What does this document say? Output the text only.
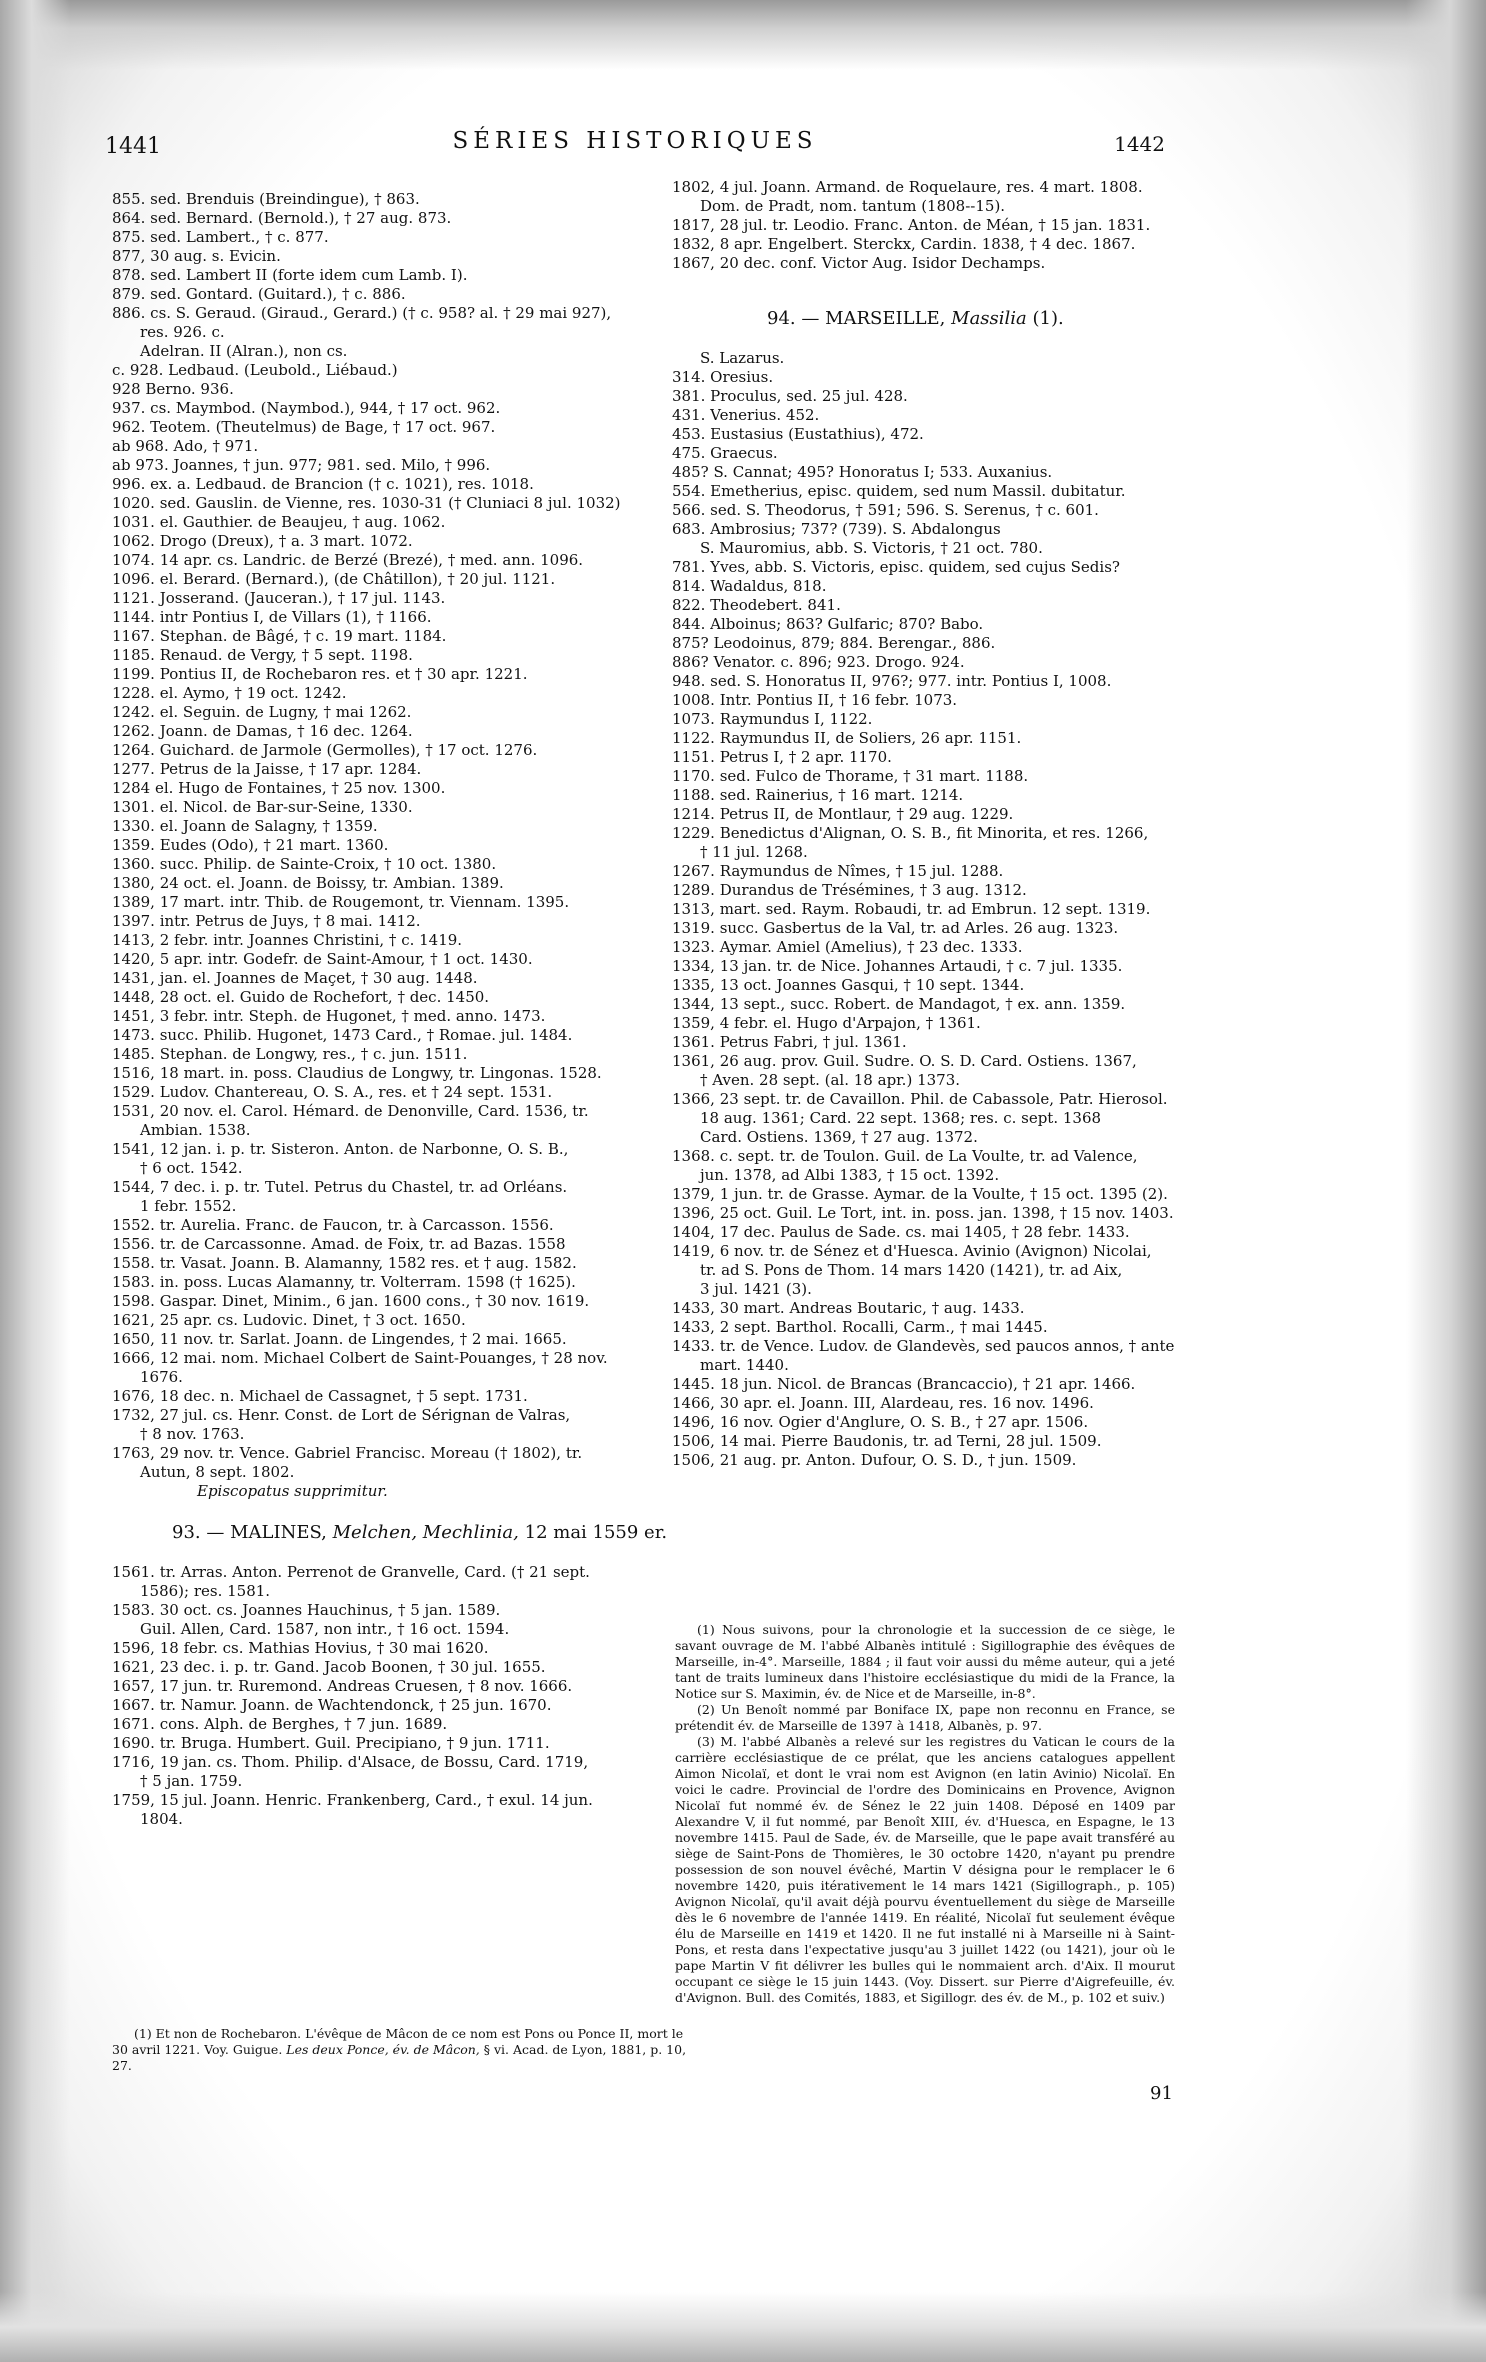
1441	SÉRIES HISTORIQUES	1442
855. sed. Brenduis (Breindingue), † 863.
864. sed. Bernard. (Bernold.), † 27 aug. 873.
875. sed. Lambert., † c. 877.
877, 30 aug. s. Evicin.
878. sed. Lambert II (forte idem cum Lamb. I).
879. sed. Gontard. (Guitard.), † c. 886.
886. cs. S. Geraud. (Giraud., Gerard.) († c. 958? al. † 29 mai 927),
res. 926. c.
Adelran. II (Alran.), non cs.
c. 928. Ledbaud. (Leubold., Liébaud.)
928 Berno. 936.
937. cs. Maymbod. (Naymbod.), 944, † 17 oct. 962.
962. Teotem. (Theutelmus) de Bage, † 17 oct. 967.
ab 968. Ado, † 971.
ab 973. Joannes, † jun. 977; 981. sed. Milo, † 996.
996. ex. a. Ledbaud. de Brancion († c. 1021), res. 1018.
1020. sed. Gauslin. de Vienne, res. 1030-31 († Cluniaci 8 jul. 1032)
1031. el. Gauthier. de Beaujeu, † aug. 1062.
1062. Drogo (Dreux), † a. 3 mart. 1072.
1074. 14 apr. cs. Landric. de Berzé (Brezé), † med. ann. 1096.
1096. el. Berard. (Bernard.), (de Châtillon), † 20 jul. 1121.
1121. Josserand. (Jauceran.), † 17 jul. 1143.
1144. intr Pontius I, de Villars (1), † 1166.
1167. Stephan. de Bâgé, † c. 19 mart. 1184.
1185. Renaud. de Vergy, † 5 sept. 1198.
1199. Pontius II, de Rochebaron res. et † 30 apr. 1221.
1228. el. Aymo, † 19 oct. 1242.
1242. el. Seguin. de Lugny, † mai 1262.
1262. Joann. de Damas, † 16 dec. 1264.
1264. Guichard. de Jarmole (Germolles), † 17 oct. 1276.
1277. Petrus de la Jaisse, † 17 apr. 1284.
1284 el. Hugo de Fontaines, † 25 nov. 1300.
1301. el. Nicol. de Bar-sur-Seine, 1330.
1330. el. Joann de Salagny, † 1359.
1359. Eudes (Odo), † 21 mart. 1360.
1360. succ. Philip. de Sainte-Croix, † 10 oct. 1380.
1380, 24 oct. el. Joann. de Boissy, tr. Ambian. 1389.
1389, 17 mart. intr. Thib. de Rougemont, tr. Viennam. 1395.
1397. intr. Petrus de Juys, † 8 mai. 1412.
1413, 2 febr. intr. Joannes Christini, † c. 1419.
1420, 5 apr. intr. Godefr. de Saint-Amour, † 1 oct. 1430.
1431, jan. el. Joannes de Maçet, † 30 aug. 1448.
1448, 28 oct. el. Guido de Rochefort, † dec. 1450.
1451, 3 febr. intr. Steph. de Hugonet, † med. anno. 1473.
1473. succ. Philib. Hugonet, 1473 Card., † Romae. jul. 1484.
1485. Stephan. de Longwy, res., † c. jun. 1511.
1516, 18 mart. in. poss. Claudius de Longwy, tr. Lingonas. 1528.
1529. Ludov. Chantereau, O. S. A., res. et † 24 sept. 1531.
1531, 20 nov. el. Carol. Hémard. de Denonville, Card. 1536, tr.
Ambian. 1538.
1541, 12 jan. i. p. tr. Sisteron. Anton. de Narbonne, O. S. B.,
† 6 oct. 1542.
1544, 7 dec. i. p. tr. Tutel. Petrus du Chastel, tr. ad Orléans.
1 febr. 1552.
1552. tr. Aurelia. Franc. de Faucon, tr. à Carcasson. 1556.
1556. tr. de Carcassonne. Amad. de Foix, tr. ad Bazas. 1558
1558. tr. Vasat. Joann. B. Alamanny, 1582 res. et † aug. 1582.
1583. in. poss. Lucas Alamanny, tr. Volterram. 1598 († 1625).
1598. Gaspar. Dinet, Minim., 6 jan. 1600 cons., † 30 nov. 1619.
1621, 25 apr. cs. Ludovic. Dinet, † 3 oct. 1650.
1650, 11 nov. tr. Sarlat. Joann. de Lingendes, † 2 mai. 1665.
1666, 12 mai. nom. Michael Colbert de Saint-Pouanges, † 28 nov.
1676.
1676, 18 dec. n. Michael de Cassagnet, † 5 sept. 1731.
1732, 27 jul. cs. Henr. Const. de Lort de Sérignan de Valras,
† 8 nov. 1763.
1763, 29 nov. tr. Vence. Gabriel Francisc. Moreau († 1802), tr.
Autun, 8 sept. 1802.
Episcopatus supprimitur.
93. — MALINES, Melchen, Mechlinia, 12 mai 1559 er.
1561. tr. Arras. Anton. Perrenot de Granvelle, Card. († 21 sept.
1586); res. 1581.
1583. 30 oct. cs. Joannes Hauchinus, † 5 jan. 1589.
Guil. Allen, Card. 1587, non intr., † 16 oct. 1594.
1596, 18 febr. cs. Mathias Hovius, † 30 mai 1620.
1621, 23 dec. i. p. tr. Gand. Jacob Boonen, † 30 jul. 1655.
1657, 17 jun. tr. Ruremond. Andreas Cruesen, † 8 nov. 1666.
1667. tr. Namur. Joann. de Wachtendonck, † 25 jun. 1670.
1671. cons. Alph. de Berghes, † 7 jun. 1689.
1690. tr. Bruga. Humbert. Guil. Precipiano, † 9 jun. 1711.
1716, 19 jan. cs. Thom. Philip. d'Alsace, de Bossu, Card. 1719,
† 5 jan. 1759.
1759, 15 jul. Joann. Henric. Frankenberg, Card., † exul. 14 jun.
1804.
(1) Et non de Rochebaron. L'évêque de Mâcon de ce nom est Pons ou Ponce II, mort le 30 avril 1221. Voy. Guigue. Les deux Ponce, év. de Mâcon, § vi. Acad. de Lyon, 1881, p. 10, 27.
1802, 4 jul. Joann. Armand. de Roquelaure, res. 4 mart. 1808.
Dom. de Pradt, nom. tantum (1808--15).
1817, 28 jul. tr. Leodio. Franc. Anton. de Méan, † 15 jan. 1831.
1832, 8 apr. Engelbert. Sterckx, Cardin. 1838, † 4 dec. 1867.
1867, 20 dec. conf. Victor Aug. Isidor Dechamps.
94. — MARSEILLE, Massilia (1).
S. Lazarus.
314. Oresius.
381. Proculus, sed. 25 jul. 428.
431. Venerius. 452.
453. Eustasius (Eustathius), 472.
475. Graecus.
485? S. Cannat; 495? Honoratus I; 533. Auxanius.
554. Emetherius, episc. quidem, sed num Massil. dubitatur.
566. sed. S. Theodorus, † 591; 596. S. Serenus, † c. 601.
683. Ambrosius; 737? (739). S. Abdalongus
S. Mauromius, abb. S. Victoris, † 21 oct. 780.
781. Yves, abb. S. Victoris, episc. quidem, sed cujus Sedis?
814. Wadaldus, 818.
822. Theodebert. 841.
844. Alboinus; 863? Gulfaric; 870? Babo.
875? Leodoinus, 879; 884. Berengar., 886.
886? Venator. c. 896; 923. Drogo. 924.
948. sed. S. Honoratus II, 976?; 977. intr. Pontius I, 1008.
1008. Intr. Pontius II, † 16 febr. 1073.
1073. Raymundus I, 1122.
1122. Raymundus II, de Soliers, 26 apr. 1151.
1151. Petrus I, † 2 apr. 1170.
1170. sed. Fulco de Thorame, † 31 mart. 1188.
1188. sed. Rainerius, † 16 mart. 1214.
1214. Petrus II, de Montlaur, † 29 aug. 1229.
1229. Benedictus d'Alignan, O. S. B., fit Minorita, et res. 1266,
† 11 jul. 1268.
1267. Raymundus de Nîmes, † 15 jul. 1288.
1289. Durandus de Trésémines, † 3 aug. 1312.
1313, mart. sed. Raym. Robaudi, tr. ad Embrun. 12 sept. 1319.
1319. succ. Gasbertus de la Val, tr. ad Arles. 26 aug. 1323.
1323. Aymar. Amiel (Amelius), † 23 dec. 1333.
1334, 13 jan. tr. de Nice. Johannes Artaudi, † c. 7 jul. 1335.
1335, 13 oct. Joannes Gasqui, † 10 sept. 1344.
1344, 13 sept., succ. Robert. de Mandagot, † ex. ann. 1359.
1359, 4 febr. el. Hugo d'Arpajon, † 1361.
1361. Petrus Fabri, † jul. 1361.
1361, 26 aug. prov. Guil. Sudre. O. S. D. Card. Ostiens. 1367,
† Aven. 28 sept. (al. 18 apr.) 1373.
1366, 23 sept. tr. de Cavaillon. Phil. de Cabassole, Patr. Hierosol.
18 aug. 1361; Card. 22 sept. 1368; res. c. sept. 1368
Card. Ostiens. 1369, † 27 aug. 1372.
1368. c. sept. tr. de Toulon. Guil. de La Voulte, tr. ad Valence,
jun. 1378, ad Albi 1383, † 15 oct. 1392.
1379, 1 jun. tr. de Grasse. Aymar. de la Voulte, † 15 oct. 1395 (2).
1396, 25 oct. Guil. Le Tort, int. in. poss. jan. 1398, † 15 nov. 1403.
1404, 17 dec. Paulus de Sade. cs. mai 1405, † 28 febr. 1433.
1419, 6 nov. tr. de Sénez et d'Huesca. Avinio (Avignon) Nicolai,
tr. ad S. Pons de Thom. 14 mars 1420 (1421), tr. ad Aix,
3 jul. 1421 (3).
1433, 30 mart. Andreas Boutaric, † aug. 1433.
1433, 2 sept. Barthol. Rocalli, Carm., † mai 1445.
1433. tr. de Vence. Ludov. de Glandevès, sed paucos annos, † ante
mart. 1440.
1445. 18 jun. Nicol. de Brancas (Brancaccio), † 21 apr. 1466.
1466, 30 apr. el. Joann. III, Alardeau, res. 16 nov. 1496.
1496, 16 nov. Ogier d'Anglure, O. S. B., † 27 apr. 1506.
1506, 14 mai. Pierre Baudonis, tr. ad Terni, 28 jul. 1509.
1506, 21 aug. pr. Anton. Dufour, O. S. D., † jun. 1509.

(1) Nous suivons, pour la chronologie et la succession de ce siège, le savant ouvrage de M. l'abbé Albanès intitulé : Sigillographie des évêques de Marseille, in-4°. Marseille, 1884 ; il faut voir aussi du même auteur, qui a jeté tant de traits lumineux dans l'histoire ecclésiastique du midi de la France, la Notice sur S. Maximin, év. de Nice et de Marseille, in-8°.

(2) Un Benoît nommé par Boniface IX, pape non reconnu en France, se prétendit év. de Marseille de 1397 à 1418, Albanès, p. 97.

(3) M. l'abbé Albanès a relevé sur les registres du Vatican le cours de la carrière ecclésiastique de ce prélat, que les anciens catalogues appellent Aimon Nicolaï, et dont le vrai nom est Avignon (en latin Avinio) Nicolaï. En voici le cadre. Provincial de l'ordre des Dominicains en Provence, Avignon Nicolaï fut nommé év. de Sénez le 22 juin 1408. Déposé en 1409 par Alexandre V, il fut nommé, par Benoît XIII, év. d'Huesca, en Espagne, le 13 novembre 1415. Paul de Sade, év. de Marseille, que le pape avait transféré au siège de Saint-Pons de Thomières, le 30 octobre 1420, n'ayant pu prendre possession de son nouvel évêché, Martin V désigna pour le remplacer le 6 novembre 1420, puis itérativement le 14 mars 1421 (Sigillograph., p. 105) Avignon Nicolaï, qu'il avait déjà pourvu éventuellement du siège de Marseille dès le 6 novembre de l'année 1419. En réalité, Nicolaï fut seulement évêque élu de Marseille en 1419 et 1420. Il ne fut installé ni à Marseille ni à Saint-Pons, et resta dans l'expectative jusqu'au 3 juillet 1422 (ou 1421), jour où le pape Martin V fit délivrer les bulles qui le nommaient arch. d'Aix. Il mourut occupant ce siège le 15 juin 1443. (Voy. Dissert. sur Pierre d'Aigrefeuille, év. d'Avignon. Bull. des Comités, 1883, et Sigillogr. des év. de M., p. 102 et suiv.)

91
